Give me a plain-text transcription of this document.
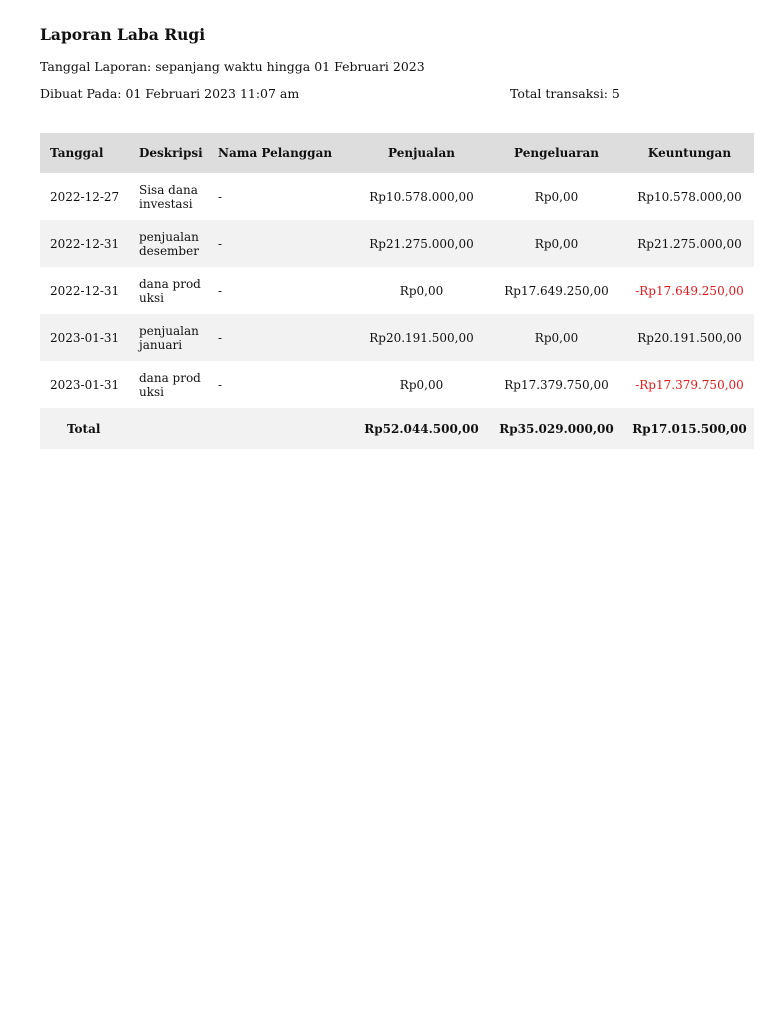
Laporan Laba Rugi
Tanggal Laporan: sepanjang waktu hingga 01 Februari 2023
Dibuat Pada: 01 Februari 2023 11:07 am	Total transaksi: 5
Tanggal	Deskripsi	Nama Pelanggan	Penjualan	Pengeluaran	Keuntungan
2022-12-27	Sisa dana
investasi	-	Rp10.578.000,00	Rp0,00	Rp10.578.000,00
2022-12-31	penjualan
desember	-	Rp21.275.000,00	Rp0,00	Rp21.275.000,00
2022-12-31	dana prod
uksi	-	Rp0,00	Rp17.649.250,00	-Rp17.649.250,00
2023-01-31	penjualan
januari	-	Rp20.191.500,00	Rp0,00	Rp20.191.500,00
2023-01-31	dana prod
uksi	-	Rp0,00	Rp17.379.750,00	-Rp17.379.750,00
Total			Rp52.044.500,00	Rp35.029.000,00	Rp17.015.500,00
